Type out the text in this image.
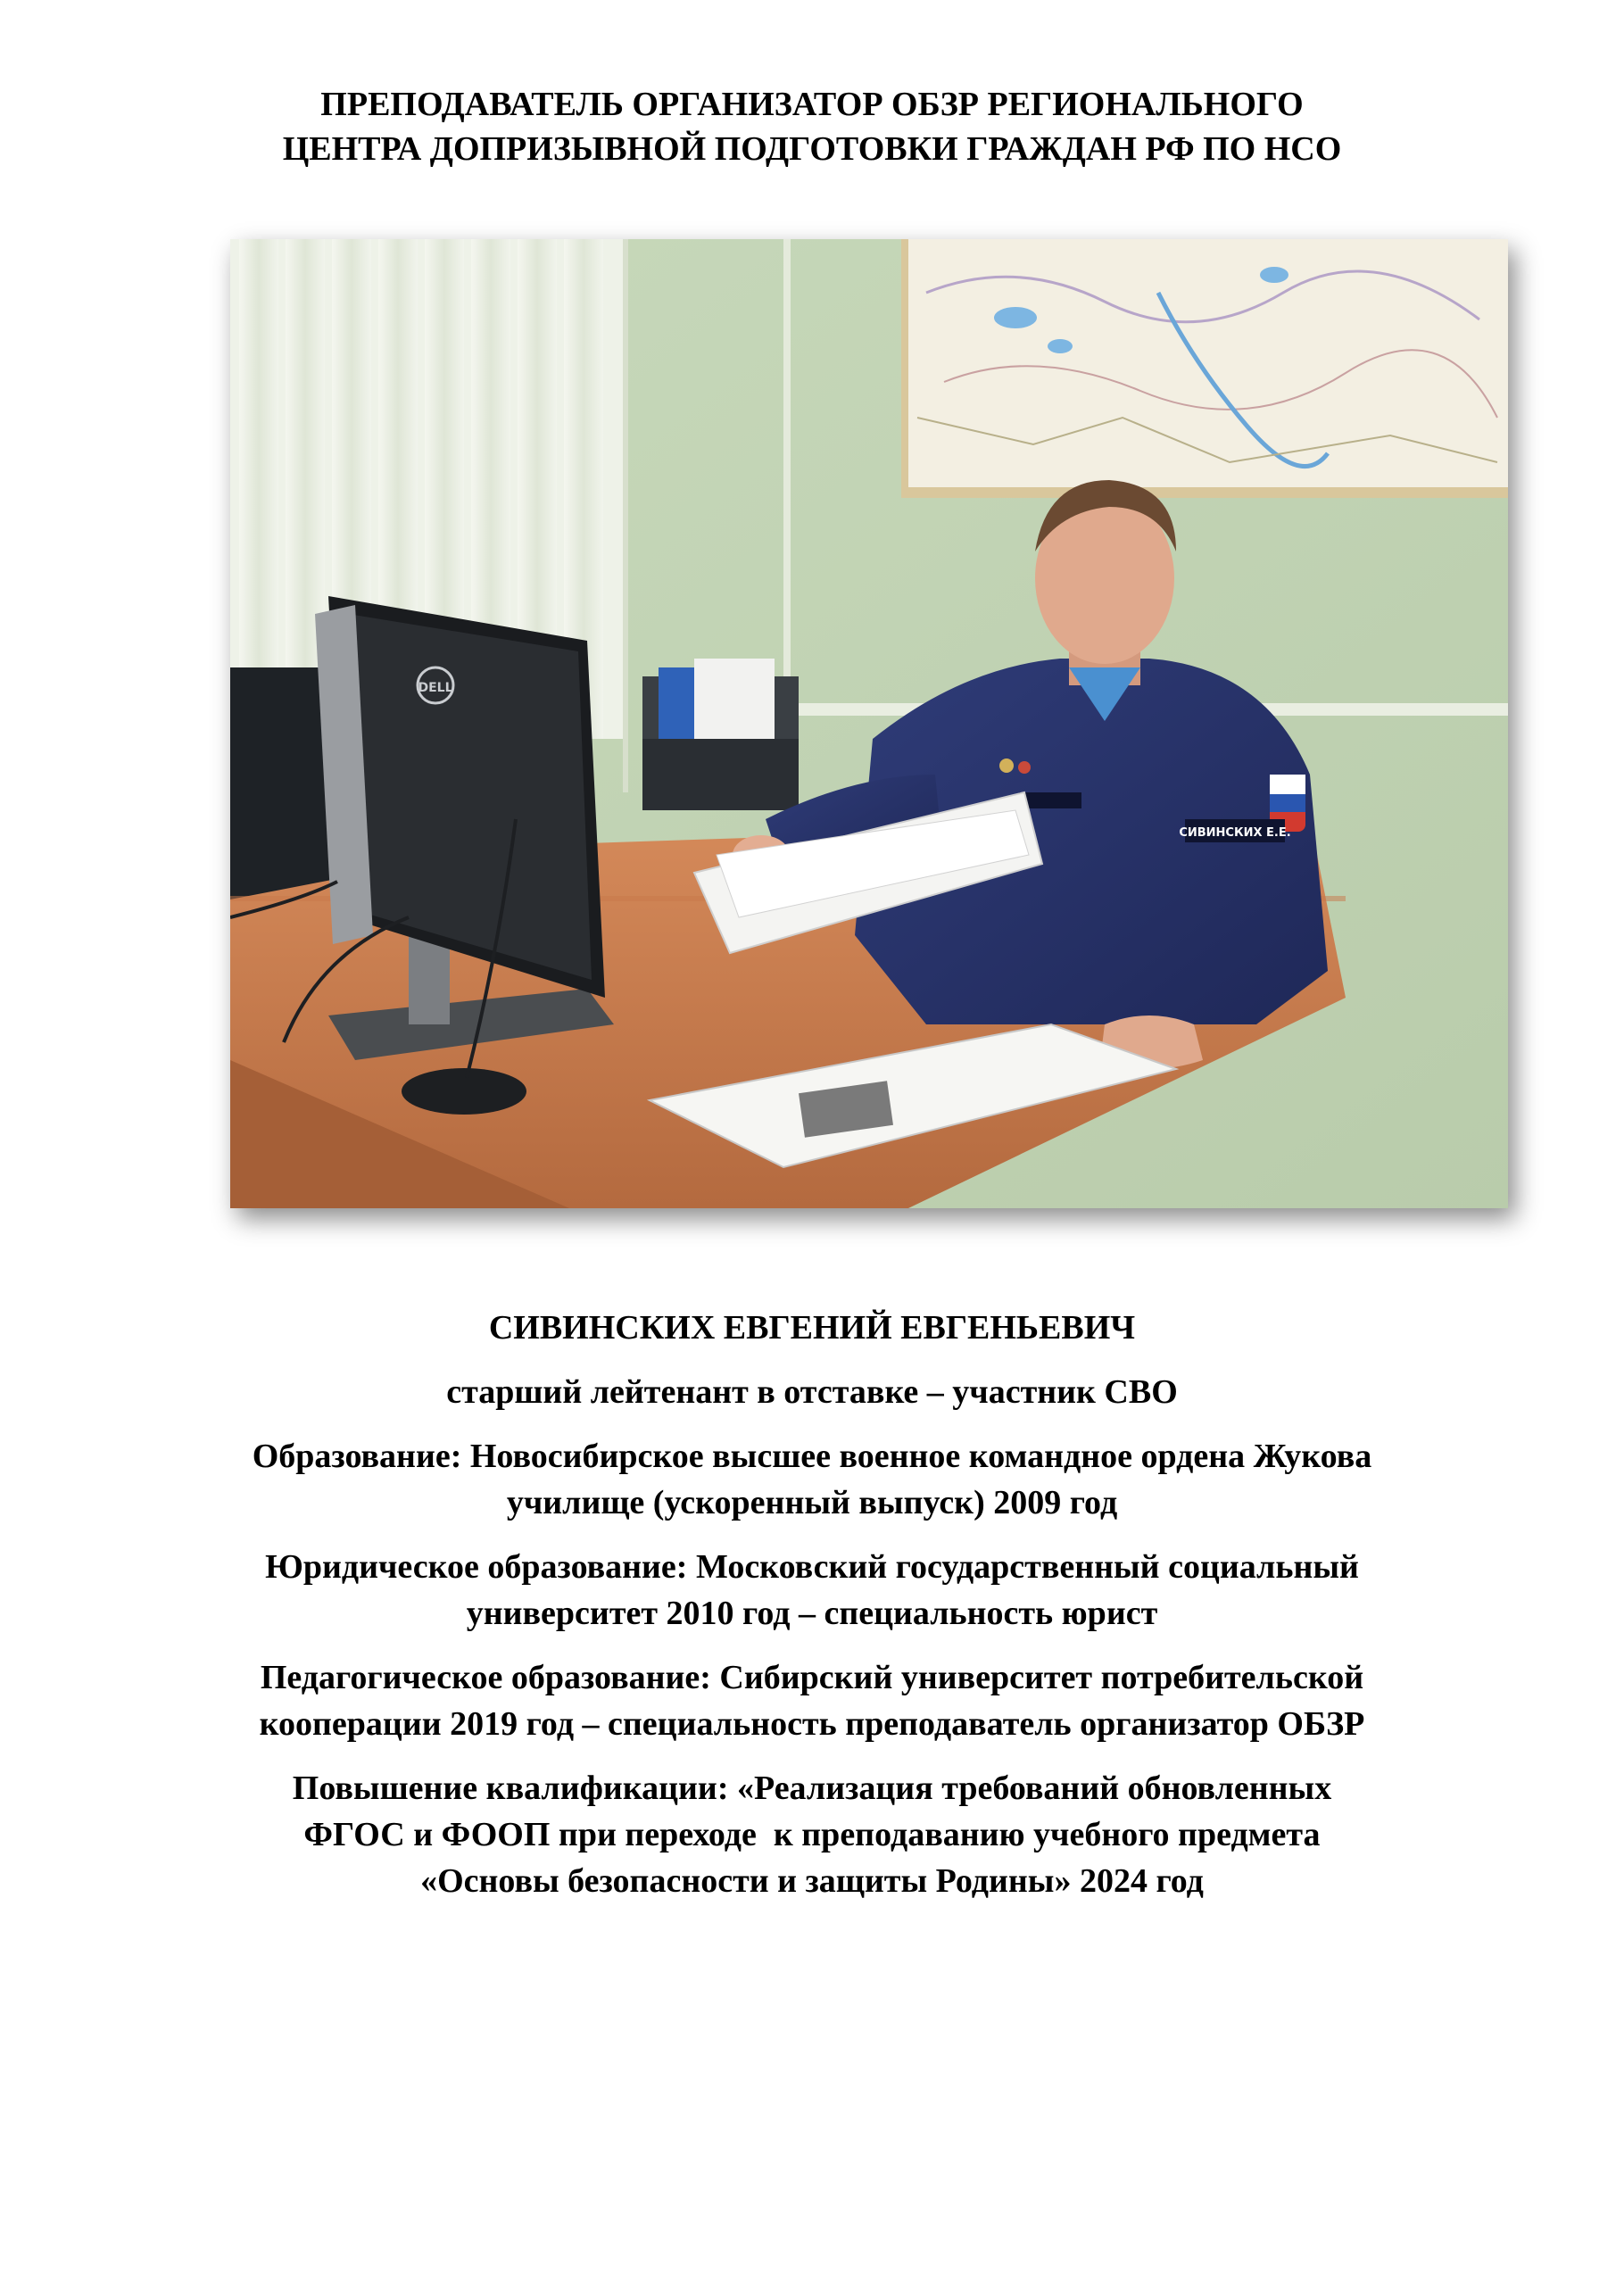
ПРЕПОДАВАТЕЛЬ ОРГАНИЗАТОР ОБЗР РЕГИОНАЛЬНОГО
ЦЕНТРА ДОПРИЗЫВНОЙ ПОДГОТОВКИ ГРАЖДАН РФ ПО НСО
СИВИНСКИХ Е.Е.
DELL
СИВИНСКИХ ЕВГЕНИЙ ЕВГЕНЬЕВИЧ
старший лейтенант в отставке – участник СВО
Образование: Новосибирское высшее военное командное ордена Жукова
училище (ускоренный выпуск) 2009 год
Юридическое образование: Московский государственный социальный
университет 2010 год – специальность юрист
Педагогическое образование: Сибирский университет потребительской
кооперации 2019 год – специальность преподаватель организатор ОБЗР
Повышение квалификации: «Реализация требований обновленных
ФГОС и ФООП при переходе  к преподаванию учебного предмета
«Основы безопасности и защиты Родины» 2024 год
